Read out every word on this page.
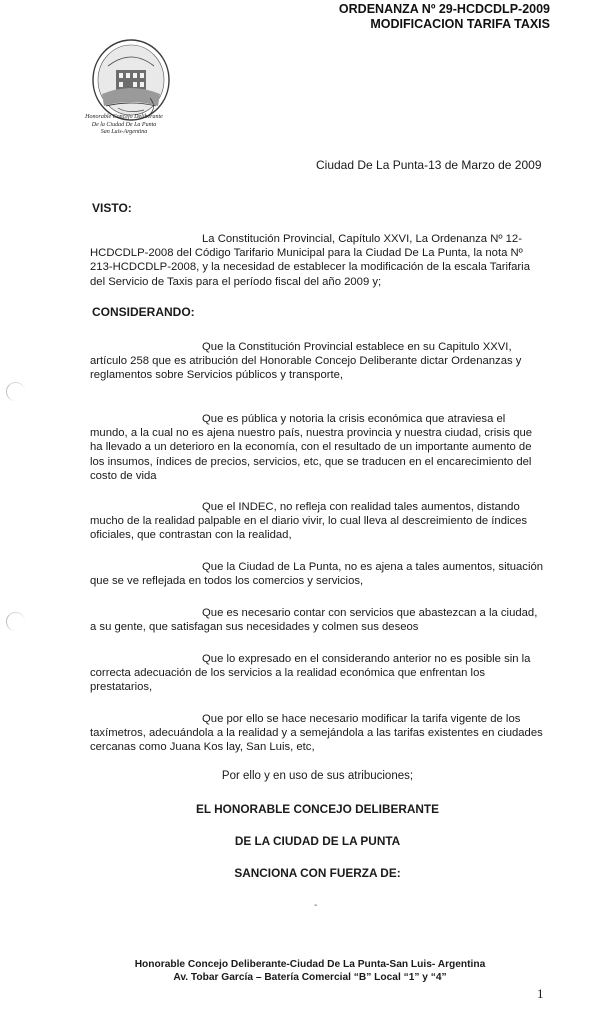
ORDENANZA Nº 29-HCDCDLP-2009
MODIFICACION TARIFA TAXIS
Honorable Concejo Deliberante
De la Ciudad De La Punta
San Luis-Argentina
Ciudad De La Punta-13 de Marzo de 2009
VISTO:

La Constitución Provincial, Capítulo XXVI, La Ordenanza Nº 12-HCDCDLP-2008 del Código Tarifario Municipal para la Ciudad De La Punta, la nota Nº 213-HCDCDLP-2008, y la necesidad de establecer la modificación de la escala Tarifaria del Servicio de Taxis para el período fiscal del año 2009 y;

CONSIDERANDO:

Que la Constitución Provincial establece en su Capitulo XXVI, artículo 258 que es atribución del Honorable Concejo Deliberante dictar Ordenanzas y reglamentos sobre Servicios públicos y transporte,

Que es pública y notoria la crisis económica que atraviesa el mundo, a la cual no es ajena nuestro país, nuestra provincia y nuestra ciudad, crisis que ha llevado a un deterioro en la economía, con el resultado de un importante aumento de los insumos, índices de precios, servicios, etc, que se traducen en el encarecimiento del costo de vida

Que el INDEC, no refleja con realidad tales aumentos, distando mucho de la realidad palpable en el diario vivir, lo cual lleva al descreimiento de índices oficiales, que contrastan con la realidad,

Que la Ciudad de La Punta, no es ajena a tales aumentos, situación que se ve reflejada en todos los comercios y servicios,

Que es necesario contar con servicios que abastezcan a la ciudad, a su gente, que satisfagan sus necesidades y colmen sus deseos

Que lo expresado en el considerando anterior no es posible sin la correcta adecuación de los servicios a la realidad económica que enfrentan los prestatarios,

Que por ello se hace necesario modificar la tarifa vigente de los taxímetros, adecuándola a la realidad y a semejándola a las tarifas existentes en ciudades cercanas como Juana Kos lay, San Luis, etc,

Por ello y en uso de sus atribuciones;
EL HONORABLE CONCEJO DELIBERANTE
DE LA CIUDAD DE LA PUNTA
SANCIONA CON FUERZA DE:
-
Honorable Concejo Deliberante-Ciudad De La Punta-San Luis- Argentina
Av. Tobar García – Batería Comercial “B” Local “1” y “4”
1
